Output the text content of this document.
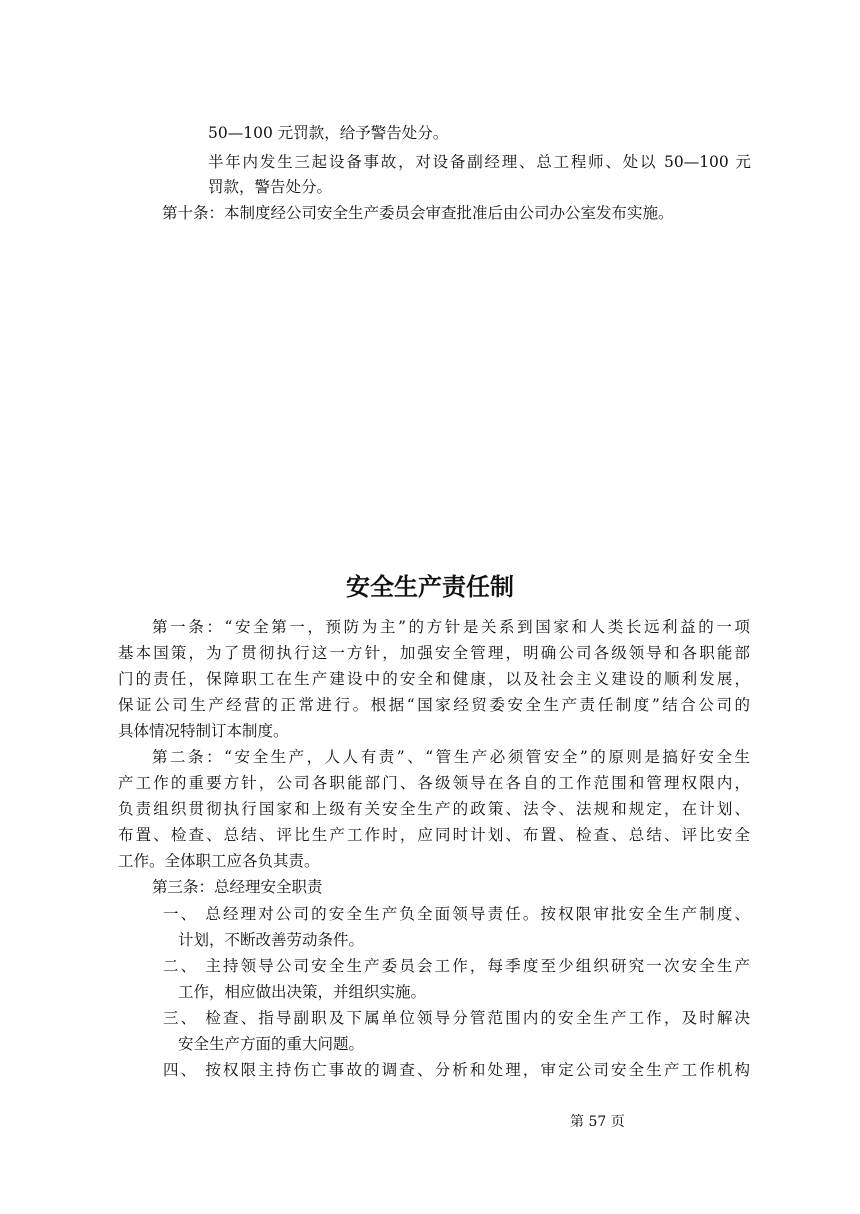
50—100 元罚款，给予警告处分。

半年内发生三起设备事故，对设备副经理、总工程师、处以 50—100 元

罚款，警告处分。

第十条：本制度经公司安全生产委员会审查批准后由公司办公室发布实施。

安全生产责任制

第一条：“安全第一，预防为主”的方针是关系到国家和人类长远利益的一项

基本国策，为了贯彻执行这一方针，加强安全管理，明确公司各级领导和各职能部

门的责任，保障职工在生产建设中的安全和健康，以及社会主义建设的顺利发展，

保证公司生产经营的正常进行。根据“国家经贸委安全生产责任制度”结合公司的

具体情况特制订本制度。

第二条：“安全生产，人人有责”、“管生产必须管安全”的原则是搞好安全生

产工作的重要方针，公司各职能部门、各级领导在各自的工作范围和管理权限内，

负责组织贯彻执行国家和上级有关安全生产的政策、法令、法规和规定，在计划、

布置、检查、总结、评比生产工作时，应同时计划、布置、检查、总结、评比安全

工作。全体职工应各负其责。

第三条：总经理安全职责

一、 总经理对公司的安全生产负全面领导责任。按权限审批安全生产制度、

计划，不断改善劳动条件。

二、 主持领导公司安全生产委员会工作，每季度至少组织研究一次安全生产

工作，相应做出决策，并组织实施。

三、 检查、指导副职及下属单位领导分管范围内的安全生产工作，及时解决

安全生产方面的重大问题。

四、 按权限主持伤亡事故的调查、分析和处理，审定公司安全生产工作机构

第 57 页
